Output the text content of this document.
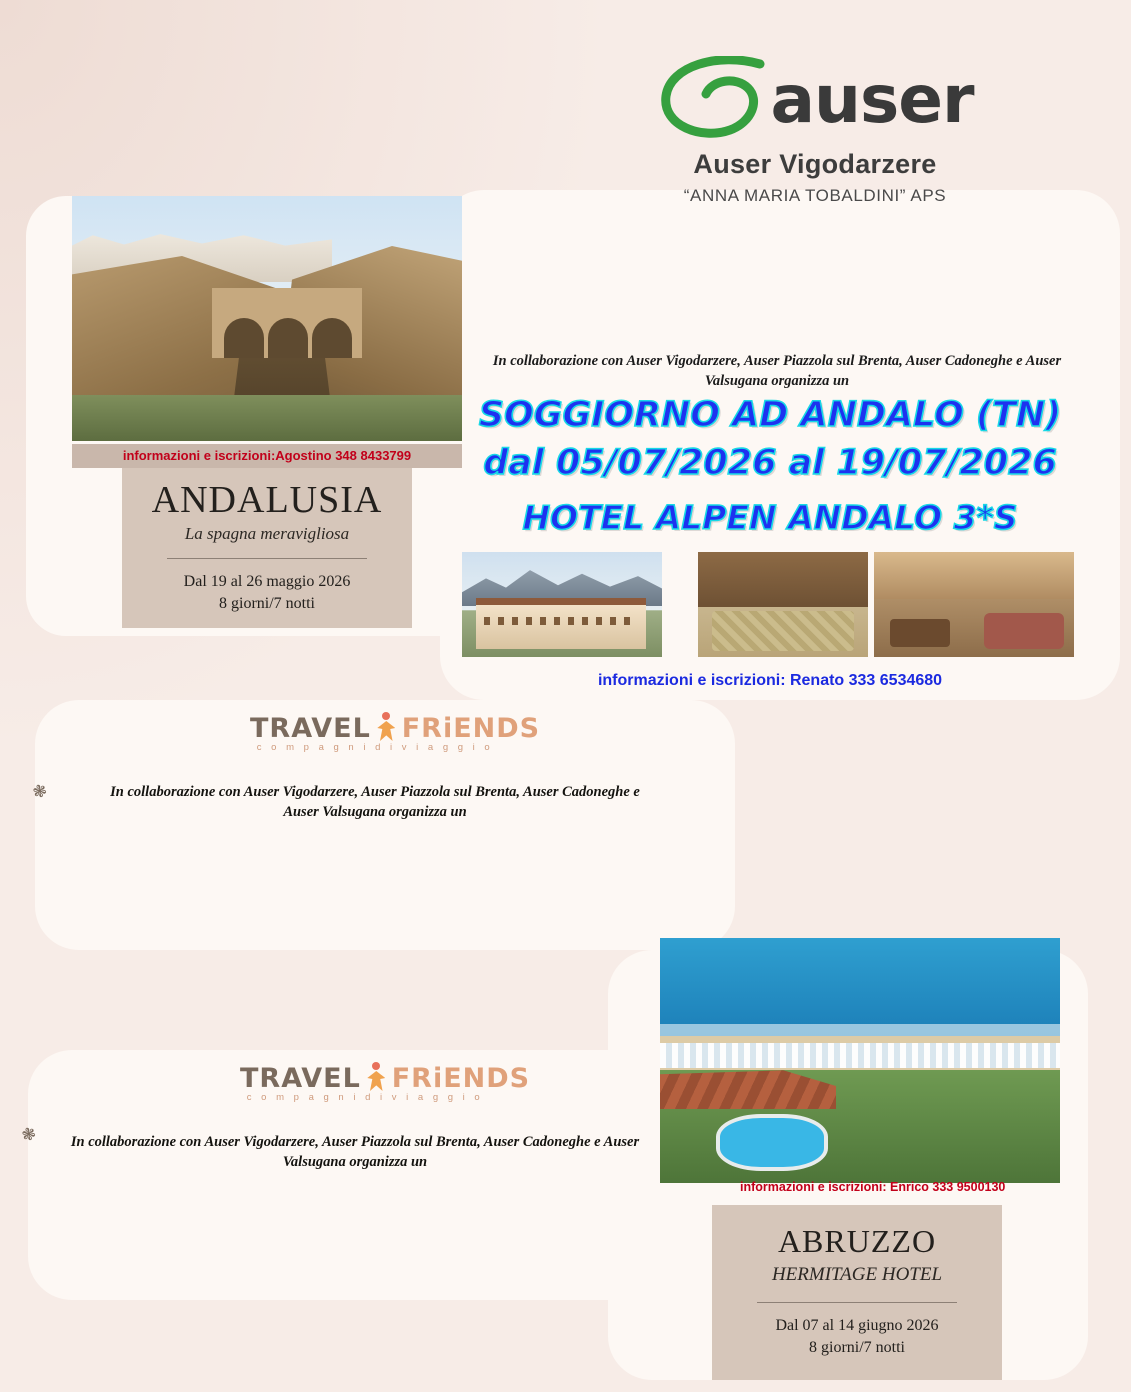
auser
Auser Vigodarzere
“ANNA MARIA TOBALDINI” APS
informazioni e iscrizioni:Agostino 348 8433799
ANDALUSIA
La spagna meravigliosa
Dal 19 al 26 maggio 2026
8 giorni/7 notti
In collaborazione con Auser Vigodarzere, Auser Piazzola sul Brenta, Auser Cadoneghe e Auser Valsugana organizza un
SOGGIORNO AD ANDALO (TN)
dal 05/07/2026 al 19/07/2026
HOTEL ALPEN ANDALO 3*S
informazioni e iscrizioni: Renato 333 6534680
TRAVEL FRiENDS
c o m p a g n i d i v i a g g i o
❃	In collaborazione con Auser Vigodarzere, Auser Piazzola sul Brenta, Auser Cadoneghe e Auser Valsugana organizza un
TRAVEL FRiENDS
c o m p a g n i d i v i a g g i o
❃ In collaborazione con Auser Vigodarzere, Auser Piazzola sul Brenta, Auser Cadoneghe e Auser Valsugana organizza un
informazioni e iscrizioni: Enrico 333 9500130
ABRUZZO
HERMITAGE HOTEL
Dal 07 al 14 giugno 2026
8 giorni/7 notti
